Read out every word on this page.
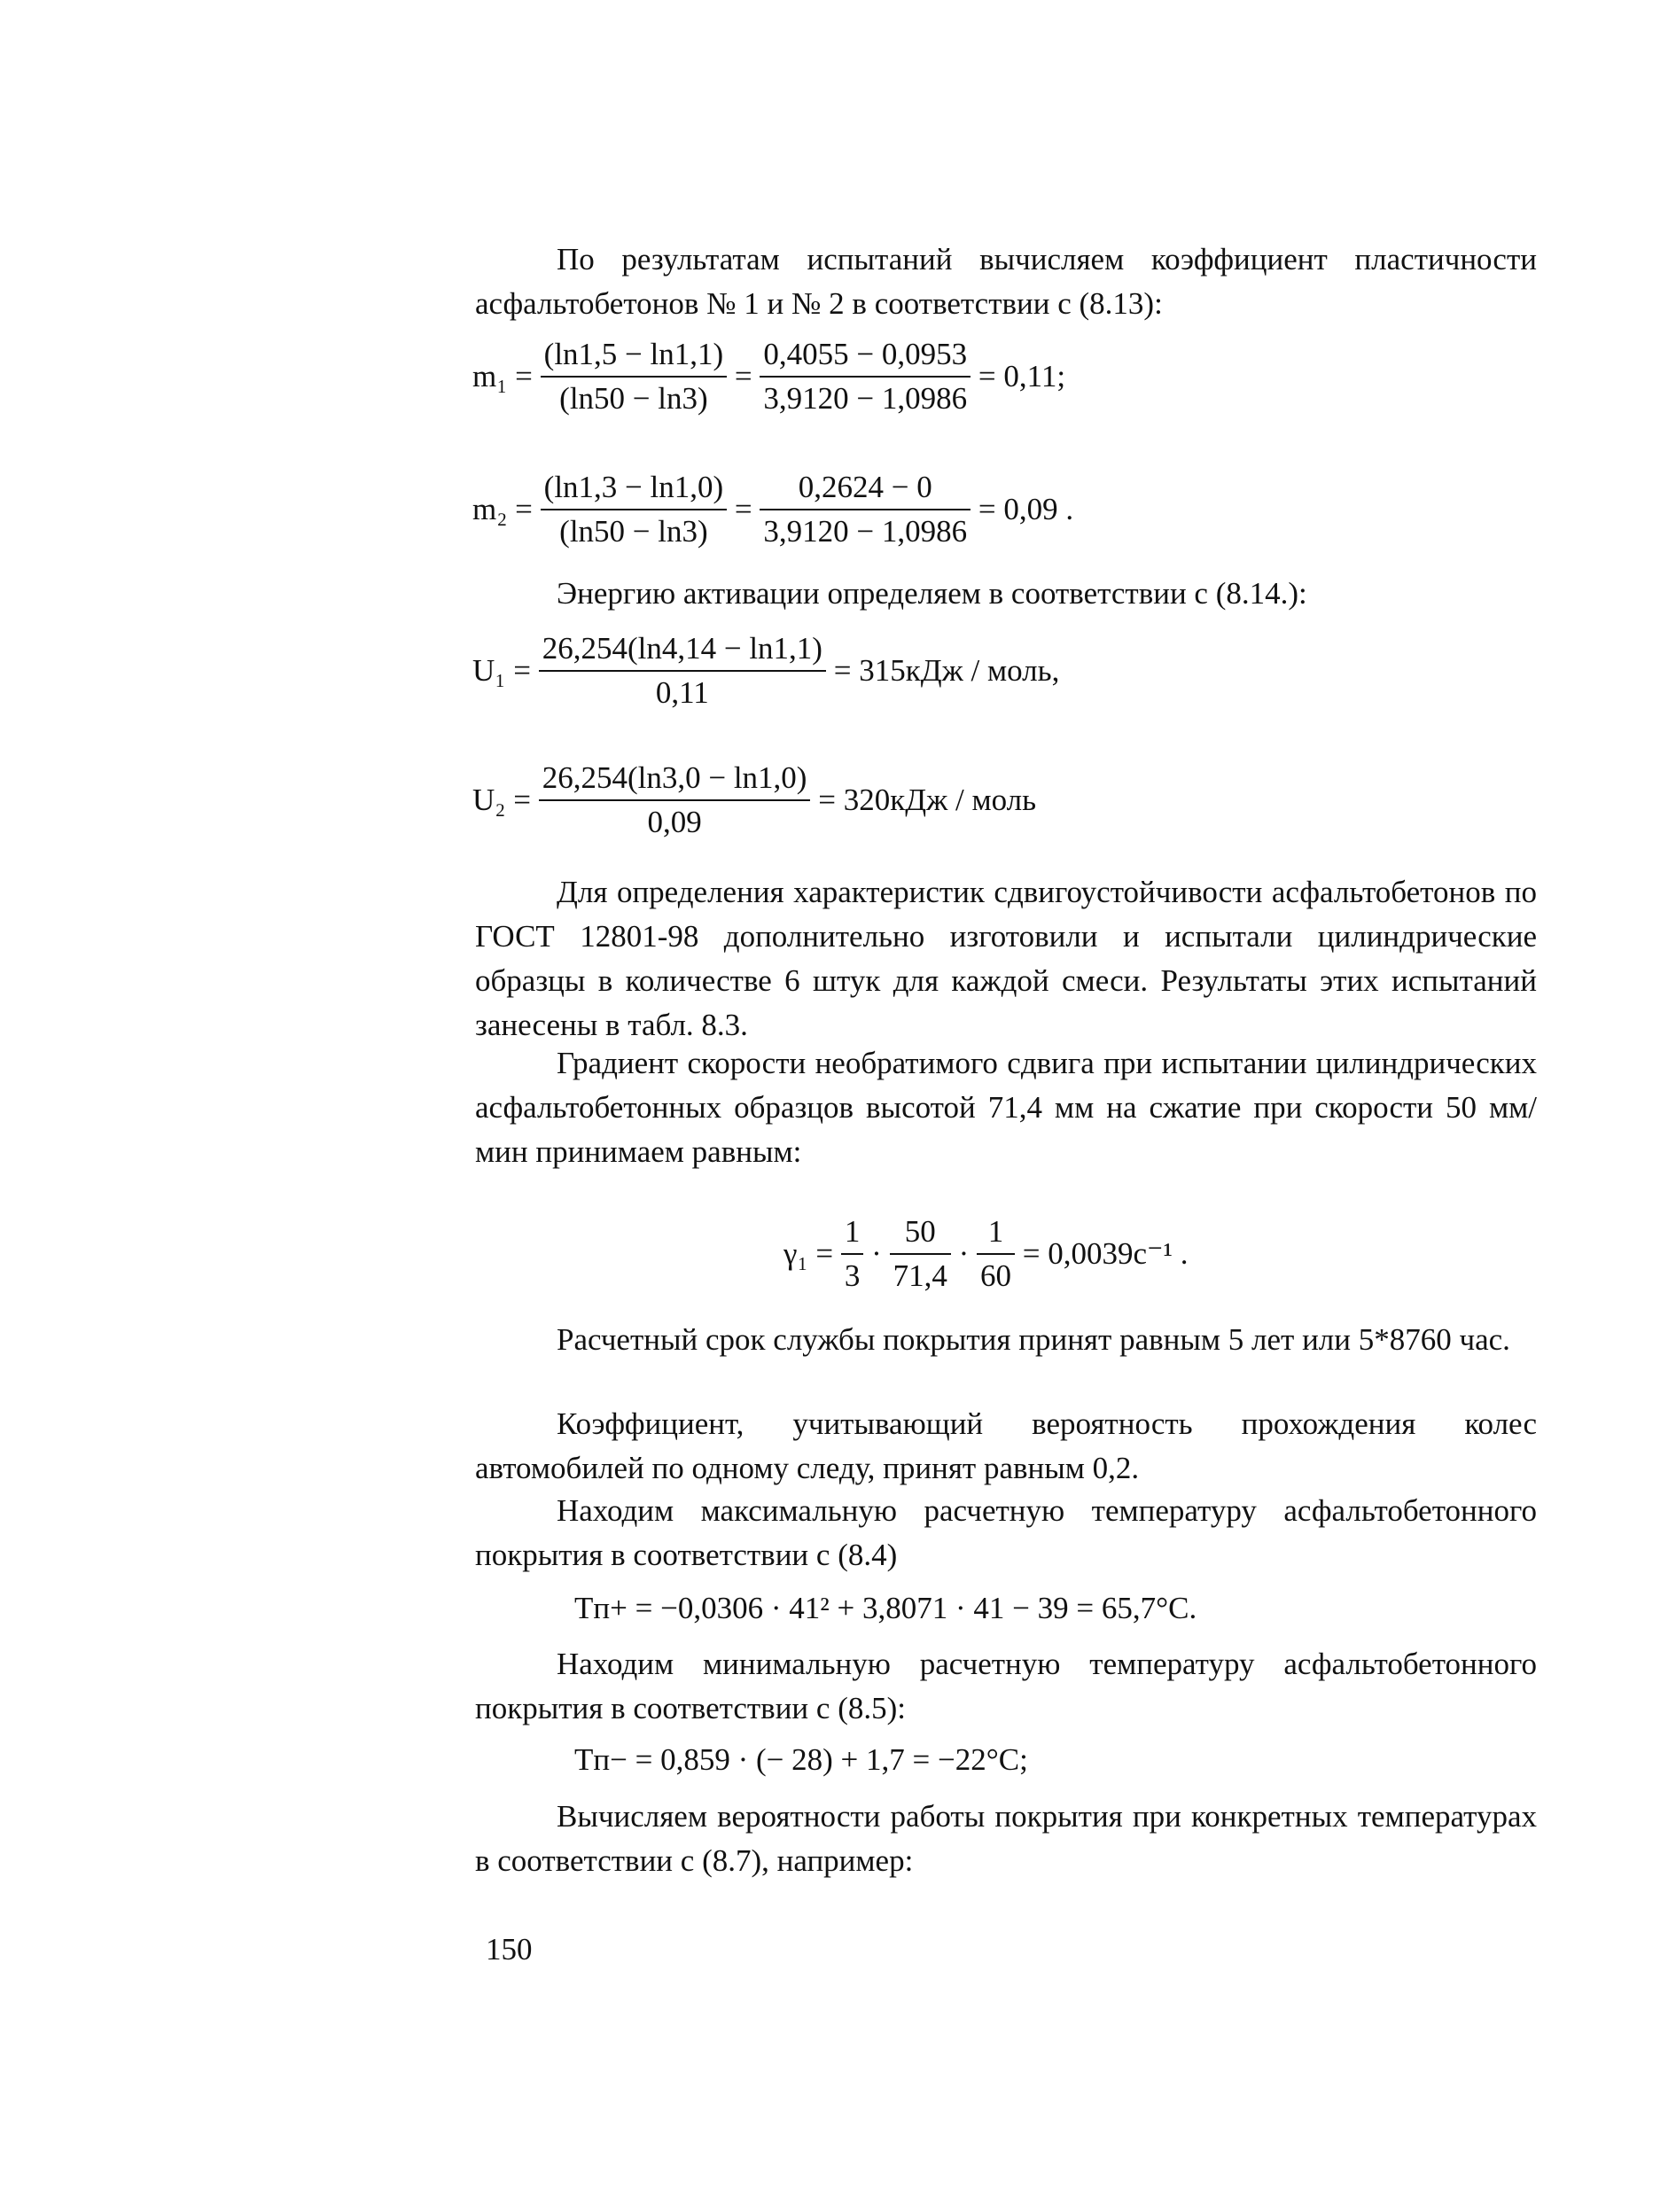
По результатам испытаний вычисляем коэффициент пластичности асфальтобетонов № 1 и № 2 в соответствии с (8.13):
$m_1 = \frac{(\ln 1,5 - \ln 1,1)}{(\ln 50 - \ln 3)} = \frac{0,4055 - 0,0953}{3,9120 - 1,0986} = 0,11$;
$m_2 = \frac{(\ln 1,3 - \ln 1,0)}{(\ln 50 - \ln 3)} = \frac{0,2624 - 0}{3,9120 - 1,0986} = 0,09$ .
Энергию активации определяем в соответствии с (8.14.):
$U_1 = \frac{26,254(\ln 4,14 - \ln 1,1)}{0,11} = 315кДж$ / моль,
$U_2 = \frac{26,254(\ln 3,0 - \ln 1,0)}{0,09} = 320кДж$ / моль
Для определения характеристик сдвигоустойчивости асфальтобетонов по ГОСТ 12801-98 дополнительно изготовили и испытали цилиндрические образцы в количестве 6 штук для каждой смеси. Результаты этих испытаний занесены в табл. 8.3.
Градиент скорости необратимого сдвига при испытании цилиндрических асфальтобетонных образцов высотой 71,4 мм на сжатие при скорости 50 мм/мин принимаем равным:
$\gamma_1 = \frac{1}{3} \cdot \frac{50}{71,4} \cdot \frac{1}{60} = 0,0039с^{-1}$ .
Расчетный срок службы покрытия принят равным 5 лет или 5*8760 час.
Коэффициент, учитывающий вероятность прохождения колес автомобилей по одному следу, принят равным 0,2.
Находим максимальную расчетную температуру асфальтобетонного покрытия в соответствии с (8.4)
Tп+ = −0,0306 · 41² + 3,8071 · 41 − 39 = 65,7°С.
Находим минимальную расчетную температуру асфальтобетонного покрытия в соответствии с (8.5):
Tп− = 0,859 · (− 28) + 1,7 = −22°С;
Вычисляем вероятности работы покрытия при конкретных температурах в соответствии с (8.7), например:
150
